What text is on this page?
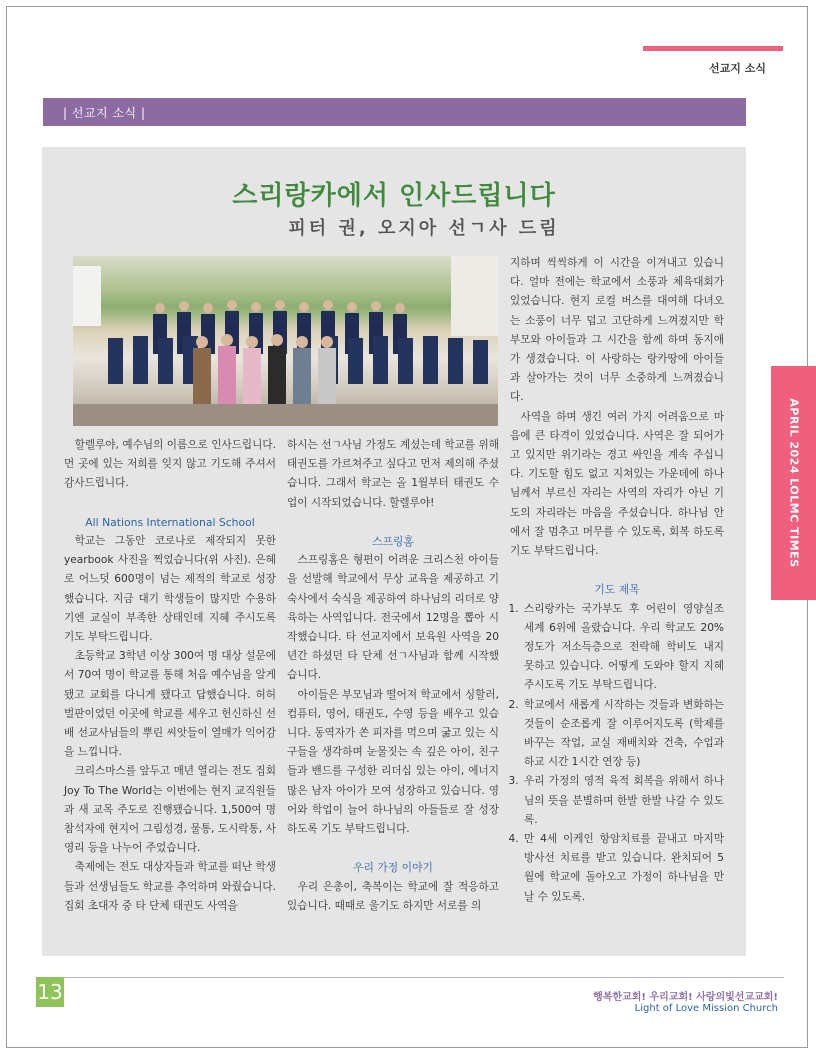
선교지 소식
| 선교지 소식 |
스리랑카에서 인사드립니다
피터 권, 오지아 선ㄱ사 드림

할렐루야, 예수님의 이름으로 인사드립니다. 먼 곳에 있는 저희를 잊지 않고 기도해 주셔서 감사드립니다.

All Nations International School

학교는 그동안 코로나로 제작되지 못한 yearbook 사진을 찍었습니다(위 사진). 은혜로 어느덧 600명이 넘는 제적의 학교로 성장했습니다. 지금 대기 학생들이 많지만 수용하기엔 교실이 부족한 상태인데 지혜 주시도록 기도 부탁드립니다.

초등학교 3학년 이상 300여 명 대상 설문에서 70여 명이 학교를 통해 처음 예수님을 알게 됐고 교회를 다니게 됐다고 답했습니다. 허허벌판이었던 이곳에 학교를 세우고 헌신하신 선배 선교사님들의 뿌린 씨앗들이 열매가 익어감을 느낍니다.

크리스마스를 앞두고 매년 열리는 전도 집회 Joy To The World는 이번에는 현지 교직원들과 새 교목 주도로 진행됐습니다. 1,500여 명 참석자에 현지어 그림성경, 물통, 도시락통, 사영리 등을 나누어 주었습니다.

축제에는 전도 대상자들과 학교를 떠난 학생들과 선생님들도 학교를 추억하며 와줬습니다. 집회 초대자 중 타 단체 태권도 사역을

하시는 선ㄱ사님 가정도 계셨는데 학교를 위해 태권도를 가르쳐주고 싶다고 먼저 제의해 주셨습니다. 그래서 학교는 올 1월부터 태권도 수업이 시작되었습니다. 할렐루야!

스프링홈

스프링홈은 형편이 어려운 크리스천 아이들을 선발해 학교에서 무상 교육을 제공하고 기숙사에서 숙식을 제공하여 하나님의 리더로 양육하는 사역입니다. 전국에서 12명을 뽑아 시작했습니다. 타 선교지에서 보육원 사역을 20년간 하셨던 타 단체 선ㄱ사님과 함께 시작했습니다.

아이들은 부모님과 떨어져 학교에서 싱할러, 컴퓨터, 영어, 태권도, 수영 등을 배우고 있습니다. 동역자가 쏜 피자를 먹으며 굶고 있는 식구들을 생각하며 눈물짓는 속 깊은 아이, 친구들과 밴드를 구성한 리더십 있는 아이, 에너지 많은 남자 아이가 모여 성장하고 있습니다. 영어와 학업이 늘어 하나님의 아들들로 잘 성장하도록 기도 부탁드립니다.

우리 가정 이야기

우리 은총이, 축복이는 학교에 잘 적응하고 있습니다. 때때로 울기도 하지만 서로를 의

지하며 씩씩하게 이 시간을 이겨내고 있습니다. 얼마 전에는 학교에서 소풍과 체육대회가 있었습니다. 현지 로컬 버스를 대여해 다녀오는 소풍이 너무 덥고 고단하게 느껴졌지만 학부모와 아이들과 그 시간을 함께 하며 동지애가 생겼습니다. 이 사랑하는 랑카땅에 아이들과 살아가는 것이 너무 소중하게 느껴졌습니다.

사역을 하며 생긴 여러 가지 어려움으로 마음에 큰 타격이 있었습니다. 사역은 잘 되어가고 있지만 위기라는 경고 싸인을 계속 주십니다. 기도할 힘도 없고 지쳐있는 가운데에 하나님께서 부르신 자리는 사역의 자리가 아닌 기도의 자리라는 마음을 주셨습니다. 하나님 안에서 잘 멈추고 머무를 수 있도록, 회복 하도록 기도 부탁드립니다.

기도 제목
1. 스리랑카는 국가부도 후 어린이 영양실조 세계 6위에 올랐습니다. 우리 학교도 20% 정도가 저소득층으로 전락해 학비도 내지 못하고 있습니다. 어떻게 도와야 할지 지혜 주시도록 기도 부탁드립니다.
2. 학교에서 새롭게 시작하는 것들과 변화하는 것들이 순조롭게 잘 이루어지도록 (학제를 바꾸는 작업, 교실 재배치와 건축, 수업과 하교 시간 1시간 연장 등)
3. 우리 가정의 영적 육적 회복을 위해서 하나님의 뜻을 분별하며 한발 한발 나갈 수 있도록.
4. 만 4세 이케인 항암치료를 끝내고 마지막 방사선 치료를 받고 있습니다. 완치되어 5월에 학교에 돌아오고 가정이 하나님을 만날 수 있도록.
APRIL 2024 LOLMC TIMES
13	행복한교회! 우리교회! 사랑의빛선교교회!
Light of Love Mission Church
